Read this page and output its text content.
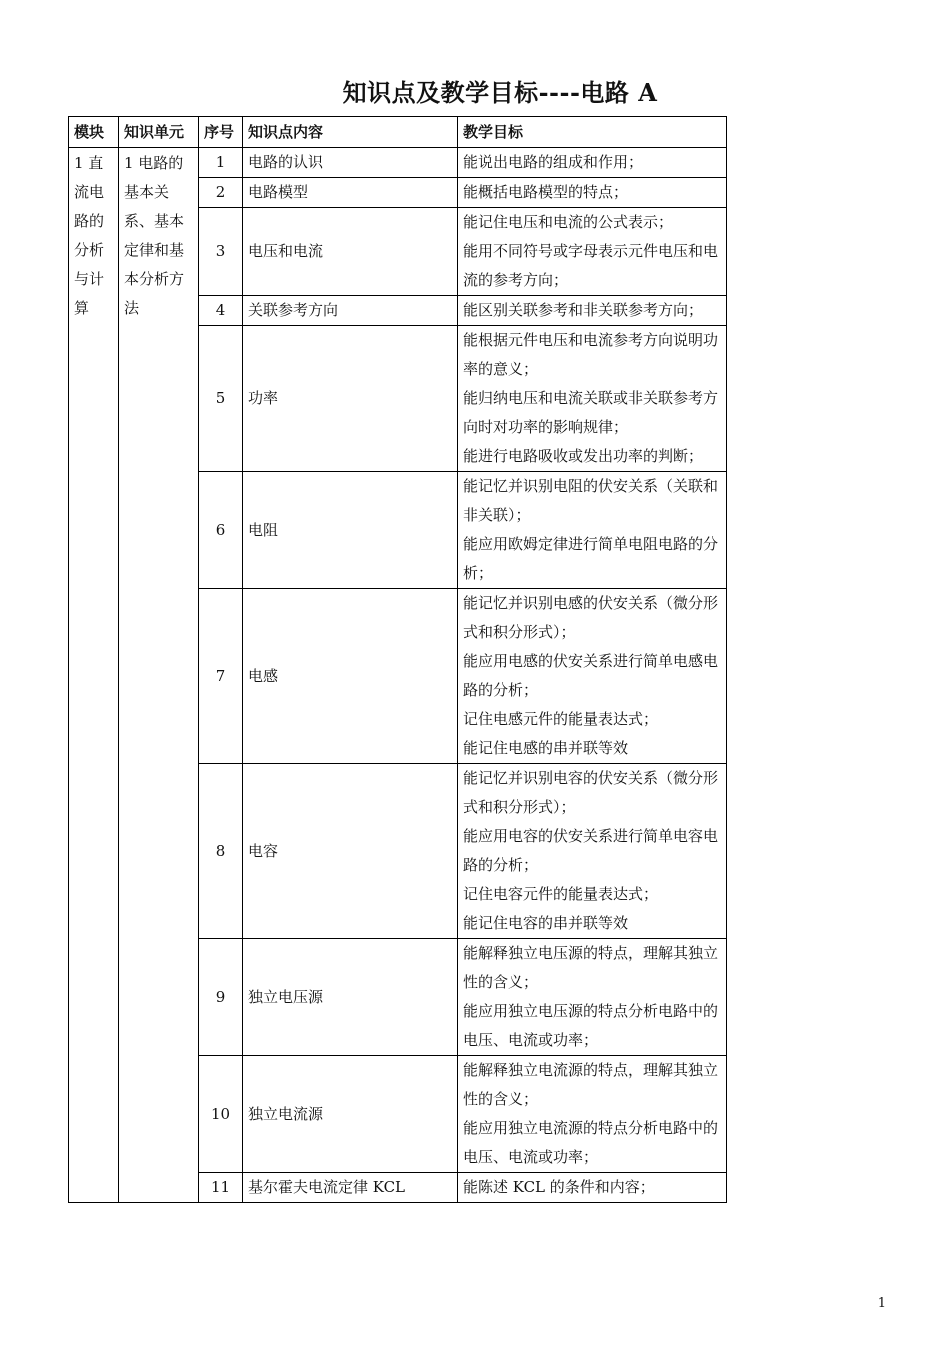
知识点及教学目标----电路 A
模块	知识单元	序号	知识点内容	教学目标
1 直流电路的分析与计算	1 电路的基本关系、基本定律和基本分析方法	1	电路的认识	能说出电路的组成和作用；

		2	电路模型	能概括电路模型的特点；

		3	电压和电流	能记住电压和电流的公式表示；
能用不同符号或字母表示元件电压和电流的参考方向；

		4	关联参考方向	能区别关联参考和非关联参考方向；

		5	功率	能根据元件电压和电流参考方向说明功率的意义；
能归纳电压和电流关联或非关联参考方向时对功率的影响规律；
能进行电路吸收或发出功率的判断；

		6	电阻	能记忆并识别电阻的伏安关系（关联和非关联）；
能应用欧姆定律进行简单电阻电路的分析；

		7	电感	能记忆并识别电感的伏安关系（微分形式和积分形式）；
能应用电感的伏安关系进行简单电感电路的分析；
记住电感元件的能量表达式；
能记住电感的串并联等效

		8	电容	能记忆并识别电容的伏安关系（微分形式和积分形式）；
能应用电容的伏安关系进行简单电容电路的分析；
记住电容元件的能量表达式；
能记住电容的串并联等效

		9	独立电压源	能解释独立电压源的特点，理解其独立性的含义；
能应用独立电压源的特点分析电路中的电压、电流或功率；

		10	独立电流源	能解释独立电流源的特点，理解其独立性的含义；
能应用独立电流源的特点分析电路中的电压、电流或功率；

		11	基尔霍夫电流定律 KCL	能陈述 KCL 的条件和内容；
1
